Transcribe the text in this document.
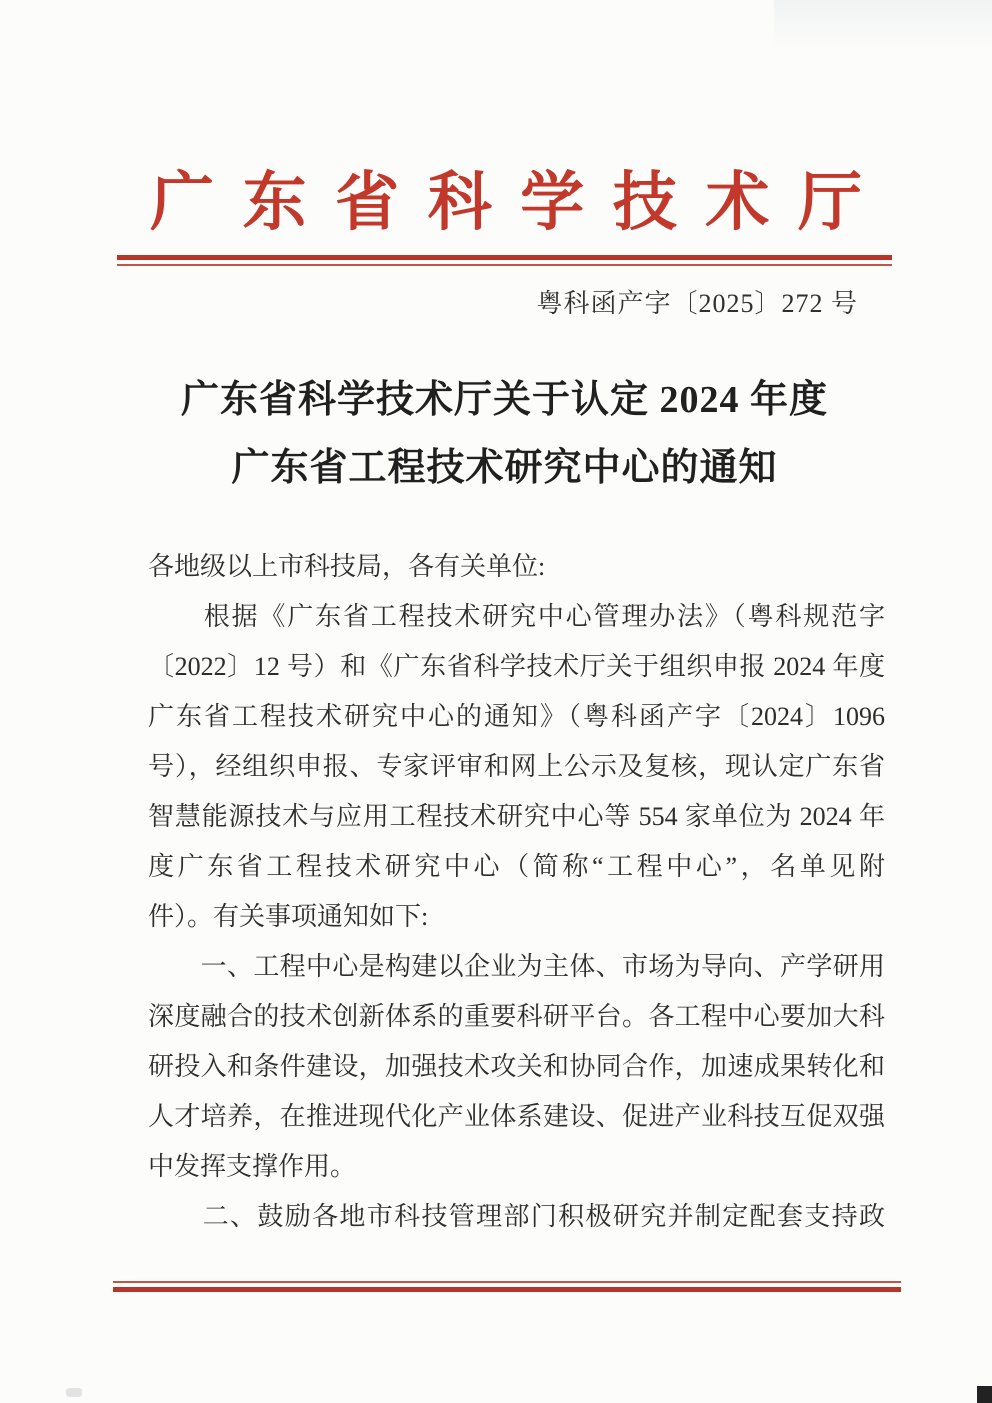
广 东 省 科 学 技 术 厅
粤科函产字〔2025〕272 号
广东省科学技术厅关于认定 2024 年度
广东省工程技术研究中心的通知
各地级以上市科技局，各有关单位:
　　根据《广东省工程技术研究中心管理办法》（粤科规范字
〔2022〕12 号）和《广东省科学技术厅关于组织申报 2024 年度
广东省工程技术研究中心的通知》（粤科函产字〔2024〕1096
号），经组织申报、专家评审和网上公示及复核，现认定广东省
智慧能源技术与应用工程技术研究中心等 554 家单位为 2024 年
度广东省工程技术研究中心（简称“工程中心”，名单见附
件）。有关事项通知如下:
　　一、工程中心是构建以企业为主体、市场为导向、产学研用
深度融合的技术创新体系的重要科研平台。各工程中心要加大科
研投入和条件建设，加强技术攻关和协同合作，加速成果转化和
人才培养，在推进现代化产业体系建设、促进产业科技互促双强
中发挥支撑作用。
　　二、鼓励各地市科技管理部门积极研究并制定配套支持政
